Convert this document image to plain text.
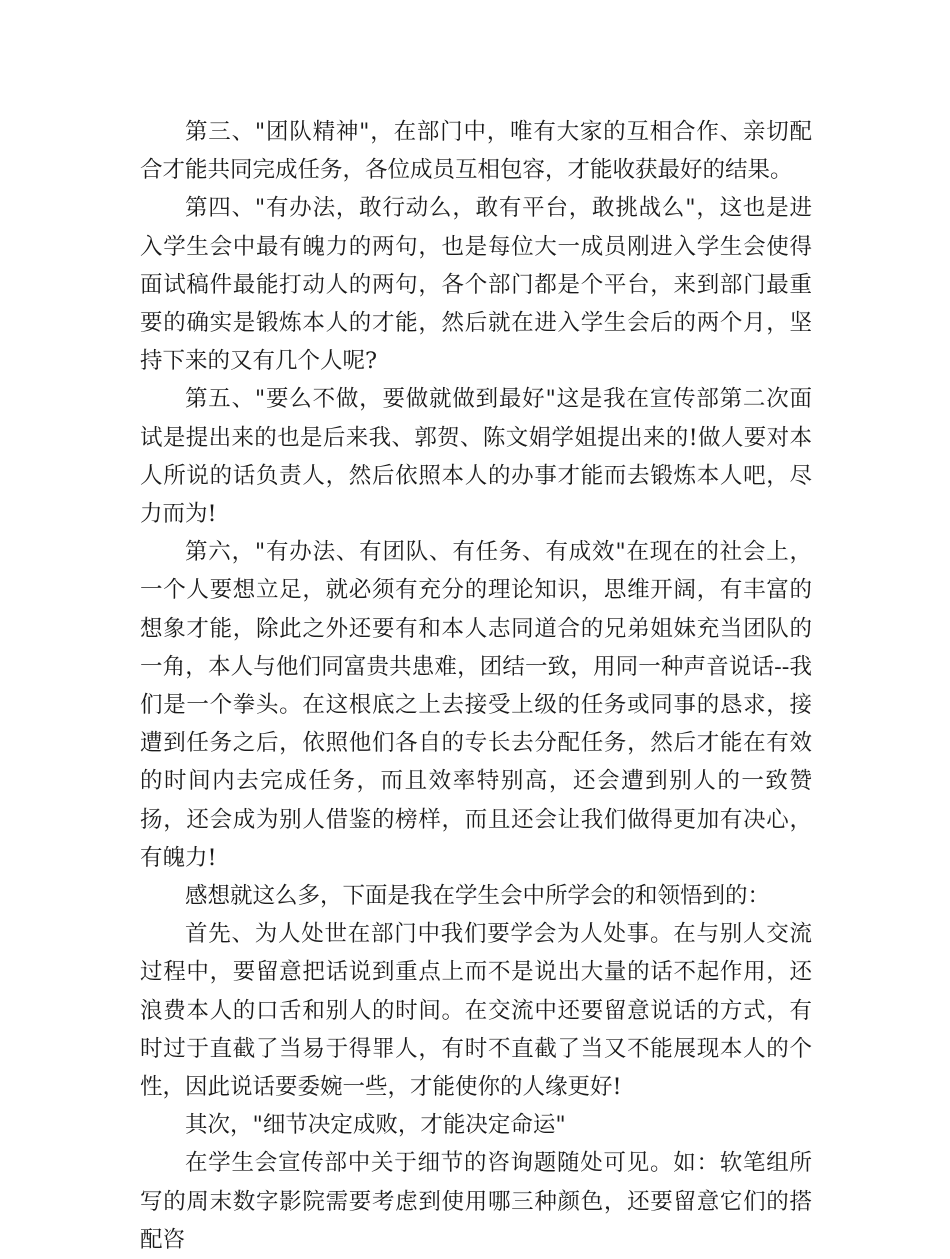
第三、"团队精神"，在部门中，唯有大家的互相合作、亲切配合才能共同完成任务，各位成员互相包容，才能收获最好的结果。

第四、"有办法，敢行动么，敢有平台，敢挑战么"，这也是进入学生会中最有魄力的两句，也是每位大一成员刚进入学生会使得面试稿件最能打动人的两句，各个部门都是个平台，来到部门最重要的确实是锻炼本人的才能，然后就在进入学生会后的两个月，坚持下来的又有几个人呢?

第五、"要么不做，要做就做到最好"这是我在宣传部第二次面试是提出来的也是后来我、郭贺、陈文娟学姐提出来的!做人要对本人所说的话负责人，然后依照本人的办事才能而去锻炼本人吧，尽力而为!

第六，"有办法、有团队、有任务、有成效"在现在的社会上，一个人要想立足，就必须有充分的理论知识，思维开阔，有丰富的想象才能，除此之外还要有和本人志同道合的兄弟姐妹充当团队的一角，本人与他们同富贵共患难，团结一致，用同一种声音说话--我们是一个拳头。在这根底之上去接受上级的任务或同事的恳求，接遭到任务之后，依照他们各自的专长去分配任务，然后才能在有效的时间内去完成任务，而且效率特别高，还会遭到别人的一致赞扬，还会成为别人借鉴的榜样，而且还会让我们做得更加有决心，有魄力!

感想就这么多，下面是我在学生会中所学会的和领悟到的：

首先、为人处世在部门中我们要学会为人处事。在与别人交流过程中，要留意把话说到重点上而不是说出大量的话不起作用，还浪费本人的口舌和别人的时间。在交流中还要留意说话的方式，有时过于直截了当易于得罪人，有时不直截了当又不能展现本人的个性，因此说话要委婉一些，才能使你的人缘更好!

其次，"细节决定成败，才能决定命运"

在学生会宣传部中关于细节的咨询题随处可见。如：软笔组所写的周末数字影院需要考虑到使用哪三种颜色，还要留意它们的搭配咨
